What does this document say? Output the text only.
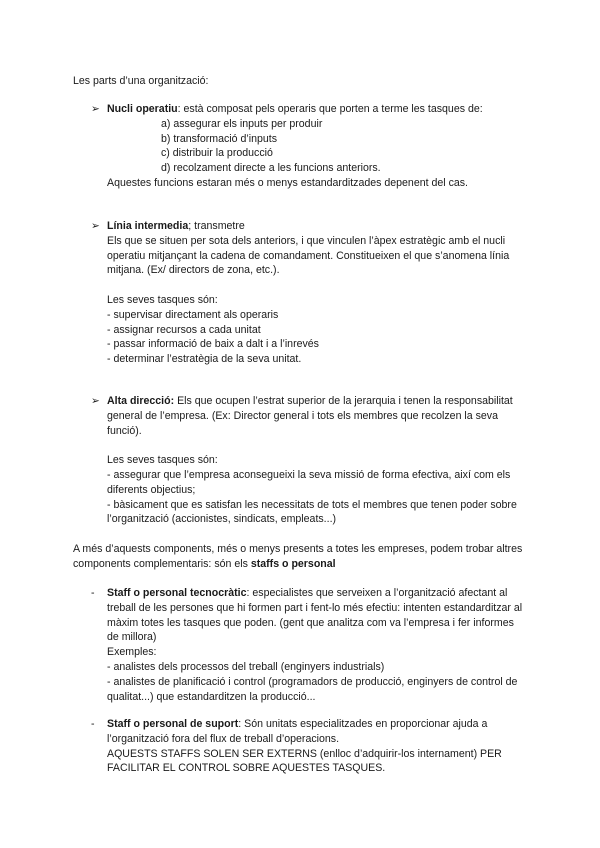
Les parts d’una organització:

➢ Nucli operatiu: està composat pels operaris que porten a terme les tasques de:

a) assegurar els inputs per produir

b) transformació d’inputs

c) distribuir la producció

d) recolzament directe a les funcions anteriors.

Aquestes funcions estaran més o menys estandarditzades depenent del cas.

➢ Línia intermedia; transmetre

Els que se situen per sota dels anteriors, i que vinculen l’àpex estratègic amb el nucli operatiu mitjançant la cadena de comandament. Constitueixen el que s’anomena línia mitjana. (Ex/ directors de zona, etc.).

Les seves tasques són:

- supervisar directament als operaris

- assignar recursos a cada unitat

- passar informació de baix a dalt i a l’inrevés

- determinar l’estratègia de la seva unitat.

➢ Alta direcció: Els que ocupen l’estrat superior de la jerarquia i tenen la responsabilitat general de l’empresa. (Ex: Director general i tots els membres que recolzen la seva funció).

Les seves tasques són:

- assegurar que l’empresa aconsegueixi la seva missió de forma efectiva, així com els diferents objectius;

- bàsicament que es satisfan les necessitats de tots el membres que tenen poder sobre l’organització (accionistes, sindicats, empleats...)

A més d’aquests components, més o menys presents a totes les empreses, podem trobar altres components complementaris: són els staffs o personal

-	Staff o personal tecnocràtic: especialistes que serveixen a l’organització afectant al treball de les persones que hi formen part i fent-lo més efectiu: intenten estandarditzar al màxim totes les tasques que poden. (gent que analitza com va l’empresa i fer informes de millora)

Exemples:

- analistes dels processos del treball (enginyers industrials)

- analistes de planificació i control (programadors de producció, enginyers de control de qualitat...) que estandarditzen la producció...

-	Staff o personal de suport: Són unitats especialitzades en proporcionar ajuda a l’organització fora del flux de treball d’operacions.

AQUESTS STAFFS SOLEN SER EXTERNS (enlloc d’adquirir-los internament) PER FACILITAR EL CONTROL SOBRE AQUESTES TASQUES.
